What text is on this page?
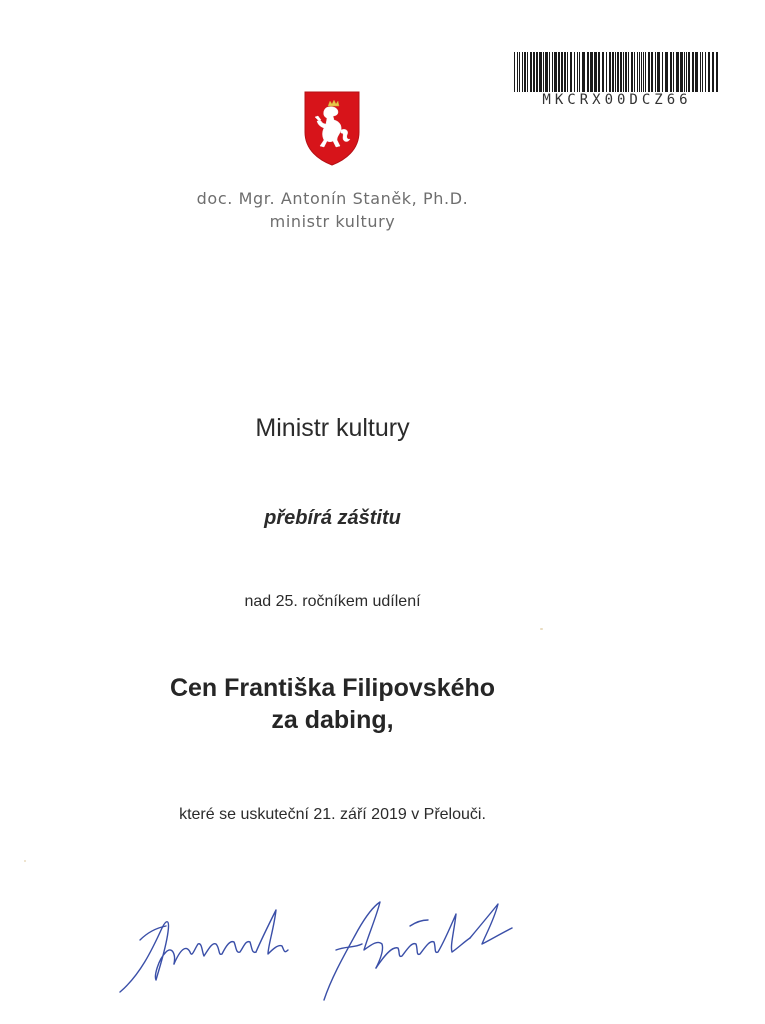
MKCRX00DCZ66
doc. Mgr. Antonín Staněk, Ph.D.
ministr kultury
Ministr kultury
přebírá záštitu
nad 25. ročníkem udílení
Cen Františka Filipovského
za dabing,
které se uskuteční 21. září 2019 v Přelouči.
